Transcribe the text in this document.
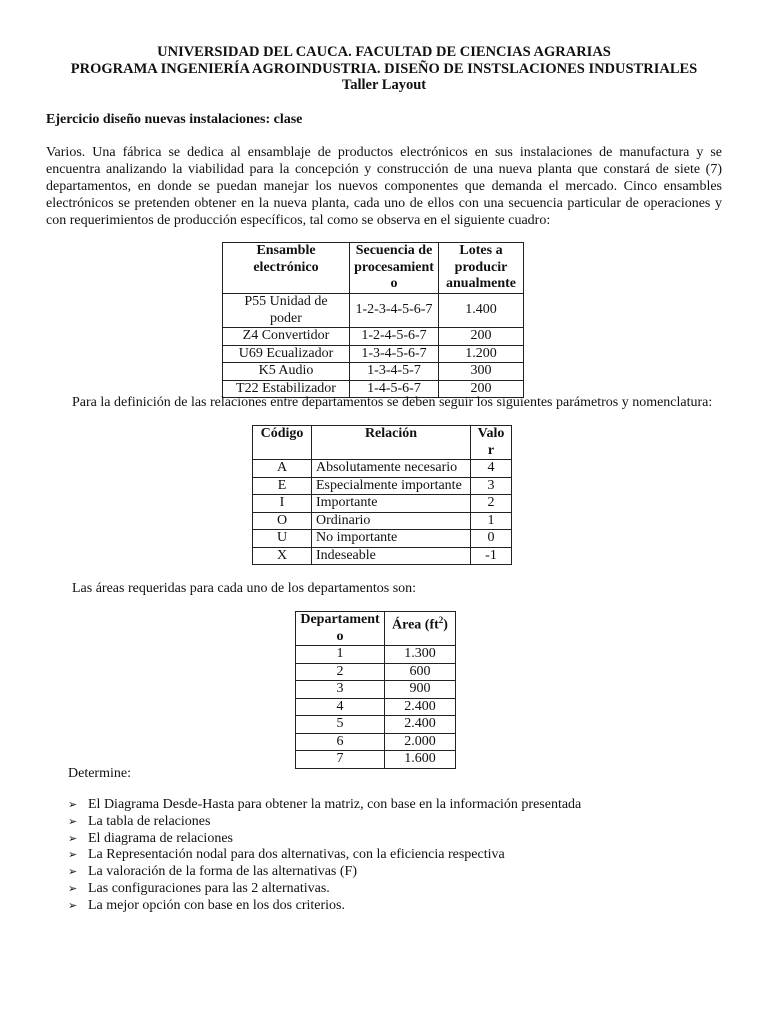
UNIVERSIDAD DEL CAUCA. FACULTAD DE CIENCIAS AGRARIAS
PROGRAMA INGENIERÍA AGROINDUSTRIA. DISEÑO DE INSTSLACIONES INDUSTRIALES
Taller Layout
Ejercicio diseño nuevas instalaciones: clase
Varios. Una fábrica se dedica al ensamblaje de productos electrónicos en sus instalaciones de manufactura y se encuentra analizando la viabilidad para la concepción y construcción de una nueva planta que constará de siete (7) departamentos, en donde se puedan manejar los nuevos componentes que demanda el mercado. Cinco ensambles electrónicos se pretenden obtener en la nueva planta, cada uno de ellos con una secuencia particular de operaciones y con requerimientos de producción específicos, tal como se observa en el siguiente cuadro:
Ensamble electrónico	Secuencia de procesamient o	Lotes a producir anualmente
P55 Unidad de poder	1-2-3-4-5-6-7	1.400
Z4 Convertidor	1-2-4-5-6-7	200
U69 Ecualizador	1-3-4-5-6-7	1.200
K5 Audio	1-3-4-5-7	300
T22 Estabilizador	1-4-5-6-7	200
Para la definición de las relaciones entre departamentos se deben seguir los siguientes parámetros y nomenclatura:
Código	Relación	Valo r
A	Absolutamente necesario	4
E	Especialmente importante	3
I	Importante	2
O	Ordinario	1
U	No importante	0
X	Indeseable	-1
Las áreas requeridas para cada uno de los departamentos son:
Departament o	Área $(ft^2)$
1	1.300
2	600
3	900
4	2.400
5	2.400
6	2.000
7	1.600
Determine:
➢ El Diagrama Desde-Hasta para obtener la matriz, con base en la información presentada
➢ La tabla de relaciones
➢ El diagrama de relaciones
➢ La Representación nodal para dos alternativas, con la eficiencia respectiva
➢ La valoración de la forma de las alternativas (F)
➢ Las configuraciones para las 2 alternativas.
➢ La mejor opción con base en los dos criterios.
